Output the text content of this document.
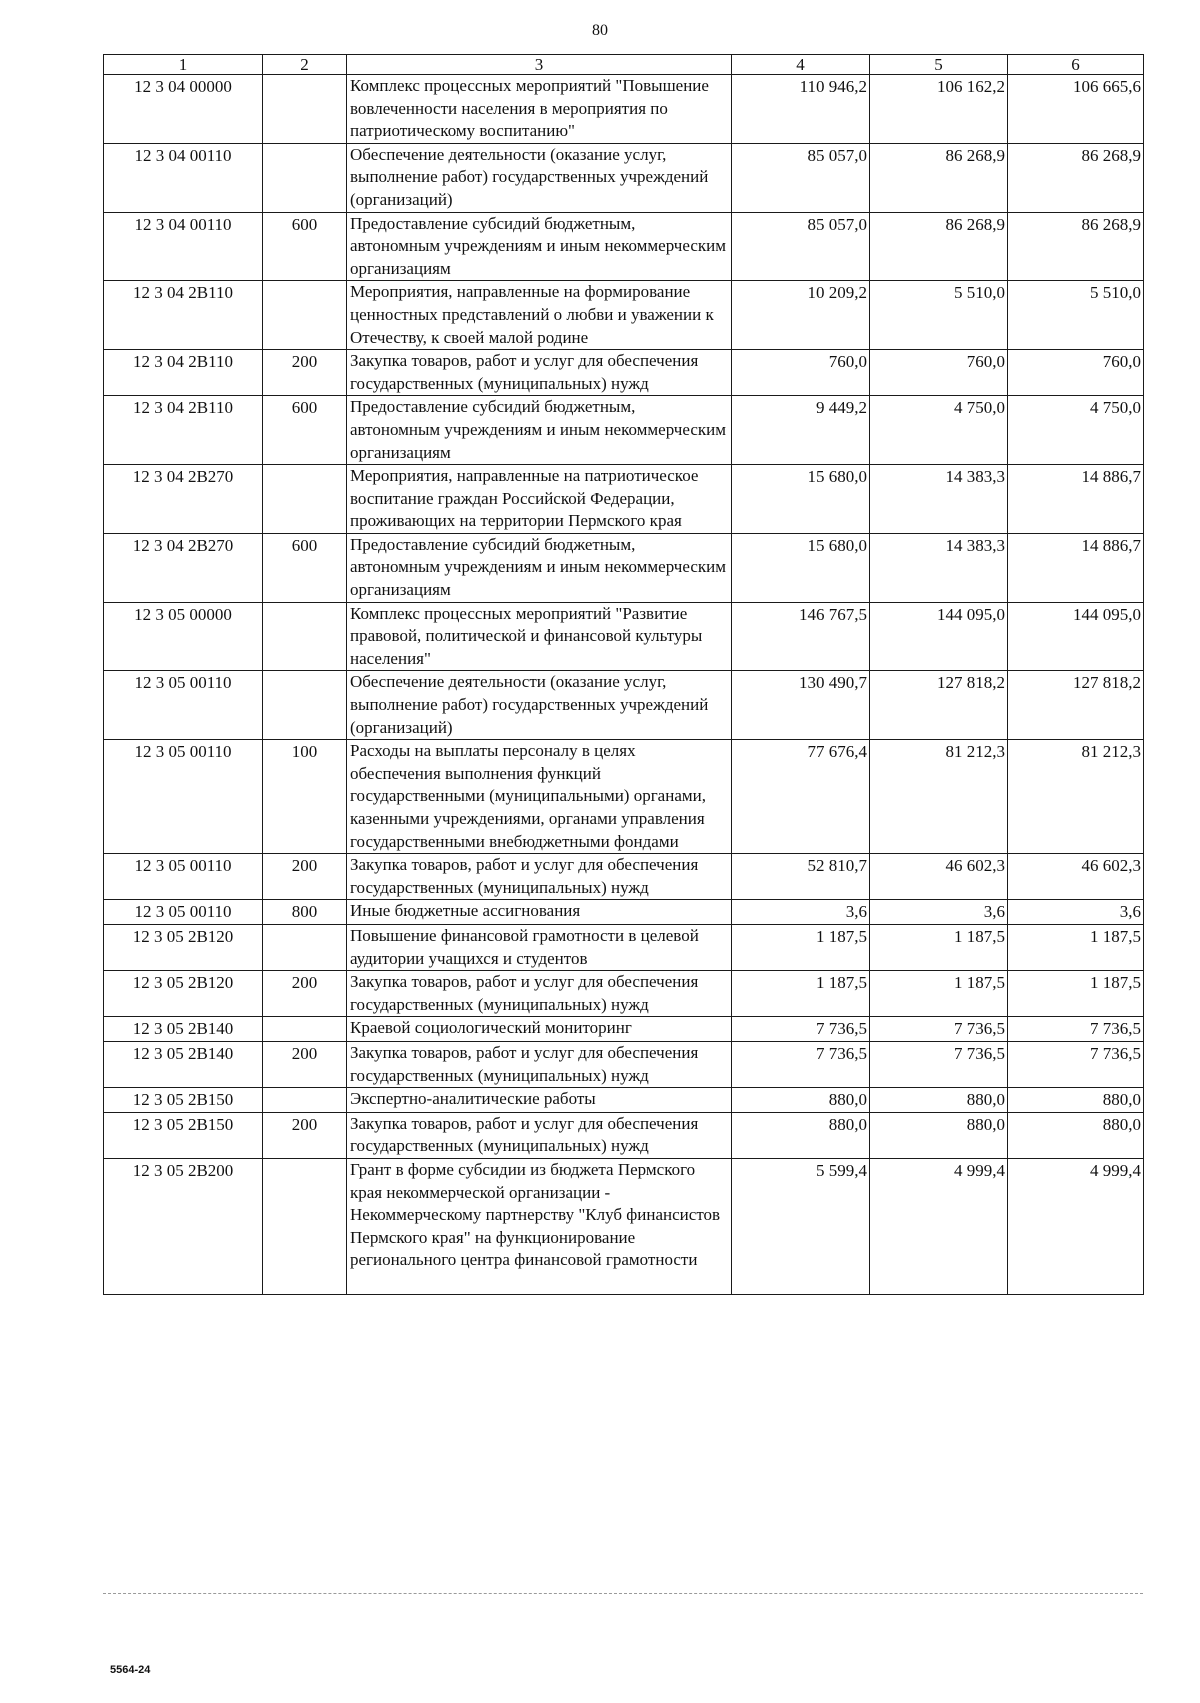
80
1	2	3	4	5	6
12 3 04 00000		Комплекс процессных мероприятий "Повышение вовлеченности населения в мероприятия по патриотическому воспитанию"	110 946,2	106 162,2	106 665,6
12 3 04 00110		Обеспечение деятельности (оказание услуг, выполнение работ) государственных учреждений (организаций)	85 057,0	86 268,9	86 268,9
12 3 04 00110	600	Предоставление субсидий бюджетным, автономным учреждениям и иным некоммерческим организациям	85 057,0	86 268,9	86 268,9
12 3 04 2В110		Мероприятия, направленные на формирование ценностных представлений о любви и уважении к Отечеству, к своей малой родине	10 209,2	5 510,0	5 510,0
12 3 04 2В110	200	Закупка товаров, работ и услуг для обеспечения государственных (муниципальных) нужд	760,0	760,0	760,0
12 3 04 2В110	600	Предоставление субсидий бюджетным, автономным учреждениям и иным некоммерческим организациям	9 449,2	4 750,0	4 750,0
12 3 04 2В270		Мероприятия, направленные на патриотическое воспитание граждан Российской Федерации, проживающих на территории Пермского края	15 680,0	14 383,3	14 886,7
12 3 04 2В270	600	Предоставление субсидий бюджетным, автономным учреждениям и иным некоммерческим организациям	15 680,0	14 383,3	14 886,7
12 3 05 00000		Комплекс процессных мероприятий "Развитие правовой, политической и финансовой культуры населения"	146 767,5	144 095,0	144 095,0
12 3 05 00110		Обеспечение деятельности (оказание услуг, выполнение работ) государственных учреждений (организаций)	130 490,7	127 818,2	127 818,2
12 3 05 00110	100	Расходы на выплаты персоналу в целях обеспечения выполнения функций государственными (муниципальными) органами, казенными учреждениями, органами управления государственными внебюджетными фондами	77 676,4	81 212,3	81 212,3
12 3 05 00110	200	Закупка товаров, работ и услуг для обеспечения государственных (муниципальных) нужд	52 810,7	46 602,3	46 602,3
12 3 05 00110	800	Иные бюджетные ассигнования	3,6	3,6	3,6
12 3 05 2В120		Повышение финансовой грамотности в целевой аудитории учащихся и студентов	1 187,5	1 187,5	1 187,5
12 3 05 2В120	200	Закупка товаров, работ и услуг для обеспечения государственных (муниципальных) нужд	1 187,5	1 187,5	1 187,5
12 3 05 2В140		Краевой социологический мониторинг	7 736,5	7 736,5	7 736,5
12 3 05 2В140	200	Закупка товаров, работ и услуг для обеспечения государственных (муниципальных) нужд	7 736,5	7 736,5	7 736,5
12 3 05 2В150		Экспертно-аналитические работы	880,0	880,0	880,0
12 3 05 2В150	200	Закупка товаров, работ и услуг для обеспечения государственных (муниципальных) нужд	880,0	880,0	880,0
12 3 05 2В200		Грант в форме субсидии из бюджета Пермского края некоммерческой организации - Некоммерческому партнерству "Клуб финансистов Пермского края" на функционирование регионального центра финансовой грамотности	5 599,4	4 999,4	4 999,4
5564-24
